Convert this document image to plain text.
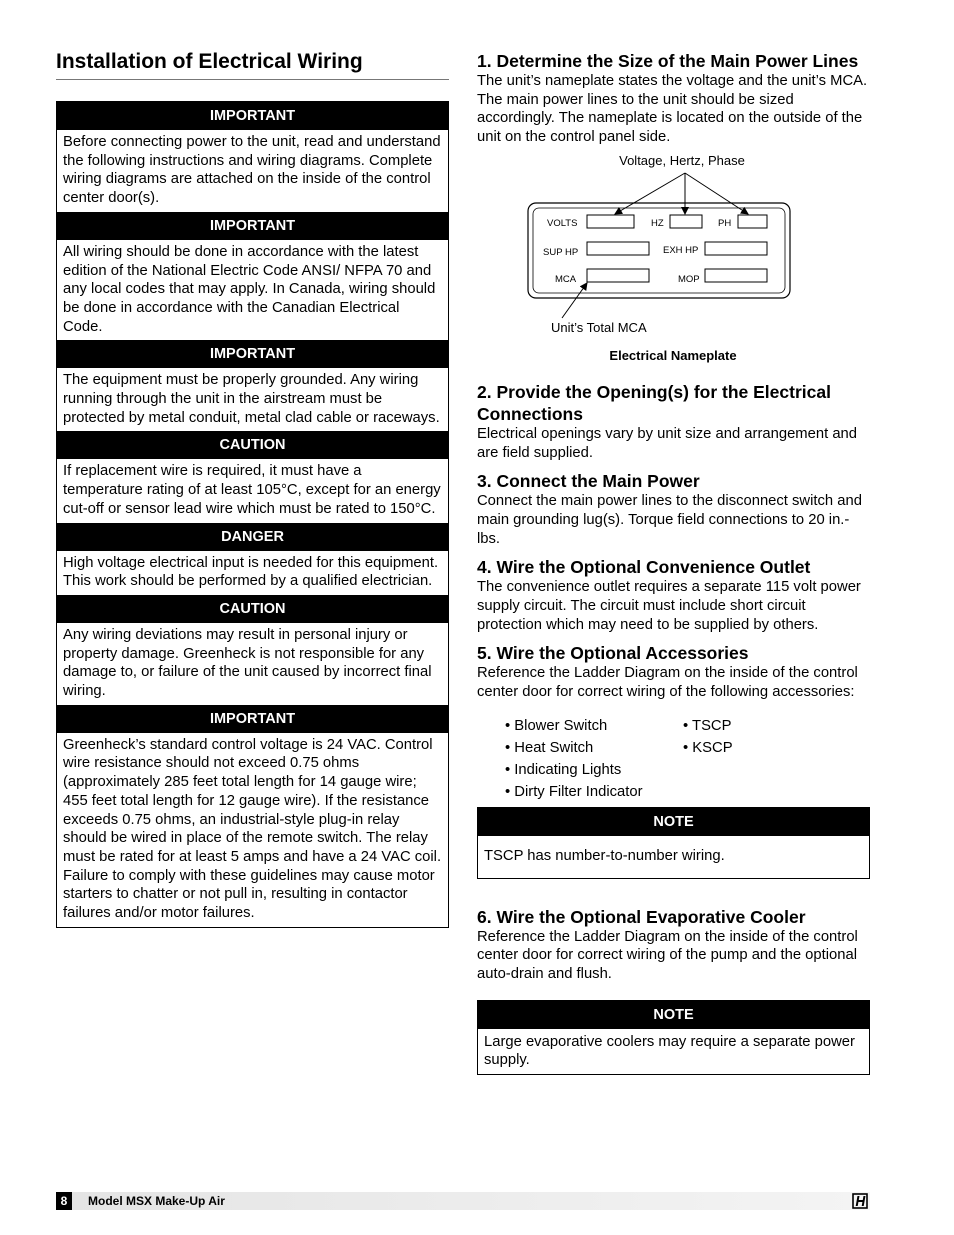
Installation of Electrical Wiring
IMPORTANT
Before connecting power to the unit, read and understand the following instructions and wiring diagrams. Complete wiring diagrams are attached on the inside of the control center door(s).
IMPORTANT
All wiring should be done in accordance with the latest edition of the National Electric Code ANSI/ NFPA 70 and any local codes that may apply. In Canada, wiring should be done in accordance with the Canadian Electrical Code.
IMPORTANT
The equipment must be properly grounded. Any wiring running through the unit in the airstream must be protected by metal conduit, metal clad cable or raceways.
CAUTION
If replacement wire is required, it must have a temperature rating of at least 105°C, except for an energy cut-off or sensor lead wire which must be rated to 150°C.
DANGER
High voltage electrical input is needed for this equipment. This work should be performed by a qualified electrician.
CAUTION
Any wiring deviations may result in personal injury or property damage. Greenheck is not responsible for any damage to, or failure of the unit caused by incorrect final wiring.
IMPORTANT
Greenheck’s standard control voltage is 24 VAC. Control wire resistance should not exceed 0.75 ohms (approximately 285 feet total length for 14 gauge wire; 455 feet total length for 12 gauge wire). If the resistance exceeds 0.75 ohms, an industrial-style plug-in relay should be wired in place of the remote switch. The relay must be rated for at least 5 amps and have a 24 VAC coil. Failure to comply with these guidelines may cause motor starters to chatter or not pull in, resulting in contactor failures and/or motor failures.
1. Determine the Size of the Main Power Lines

The unit’s nameplate states the voltage and the unit’s MCA. The main power lines to the unit should be sized accordingly. The nameplate is located on the outside of the unit on the control panel side.

Voltage, Hertz, Phase
VOLTS	HZ	PH
SUP HP	EXH HP
MCA	MOP
Unit’s Total MCA
Electrical Nameplate
2. Provide the Opening(s) for the Electrical Connections

Electrical openings vary by unit size and arrangement and are field supplied.

3. Connect the Main Power

Connect the main power lines to the disconnect switch and main grounding lug(s). Torque field connections to 20 in.-lbs.

4. Wire the Optional Convenience Outlet

The convenience outlet requires a separate 115 volt power supply circuit. The circuit must include short circuit protection which may need to be supplied by others.

5. Wire the Optional Accessories

Reference the Ladder Diagram on the inside of the control center door for correct wiring of the following accessories:

• Blower Switch
• Heat Switch
• Indicating Lights
• Dirty Filter Indicator
• TSCP
• KSCP
NOTE
TSCP has number-to-number wiring.
6. Wire the Optional Evaporative Cooler

Reference the Ladder Diagram on the inside of the control center door for correct wiring of the pump and the optional auto-drain and flush.

NOTE
Large evaporative coolers may require a separate power supply.
8	Model MSX Make-Up Air
